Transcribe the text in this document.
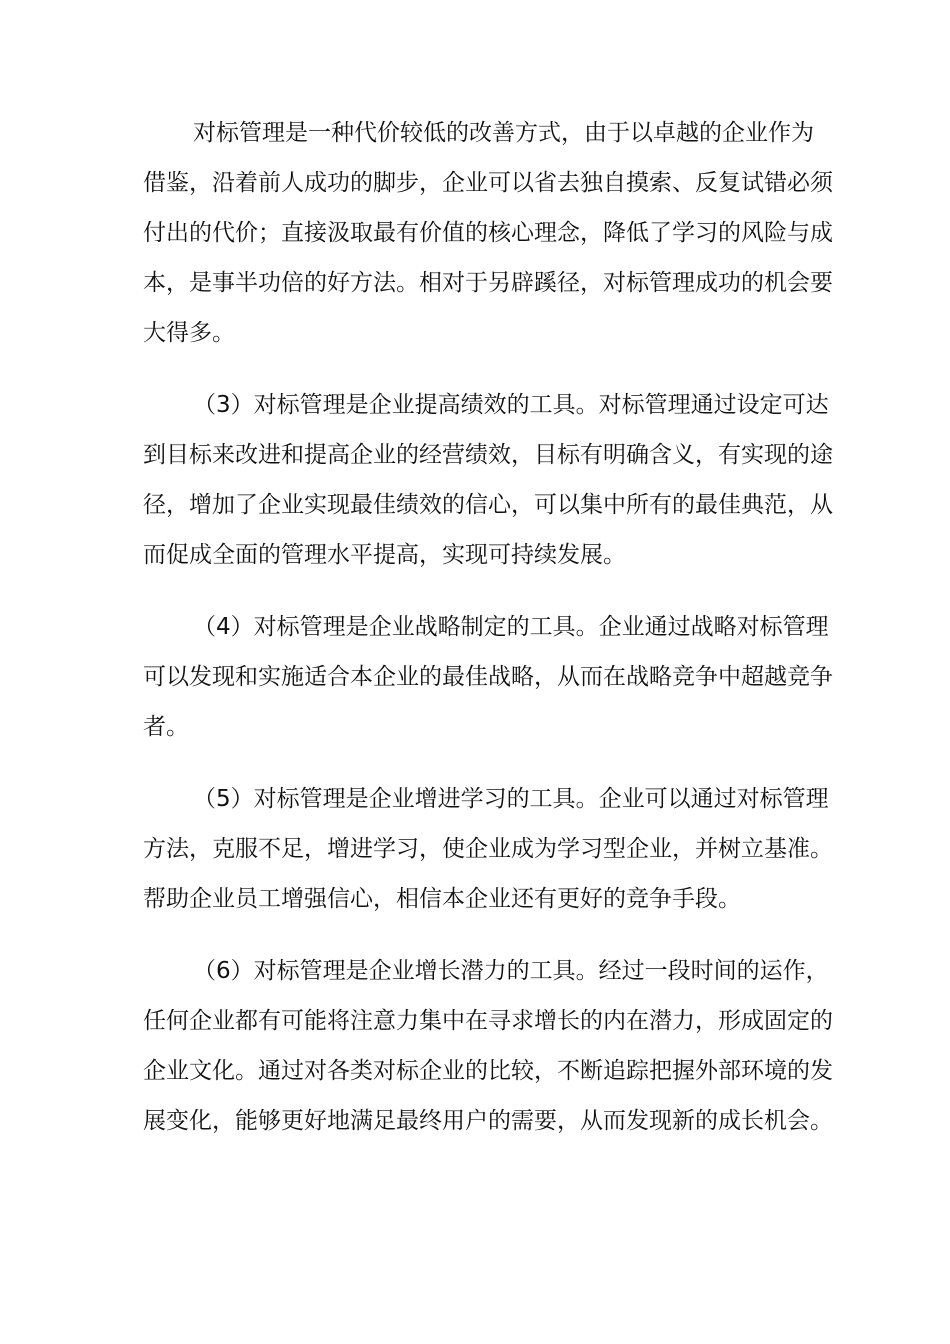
对标管理是一种代价较低的改善方式，由于以卓越的企业作为
借鉴，沿着前人成功的脚步，企业可以省去独自摸索、反复试错必须
付出的代价；直接汲取最有价值的核心理念，降低了学习的风险与成
本，是事半功倍的好方法。相对于另辟蹊径，对标管理成功的机会要
大得多。

（3）对标管理是企业提高绩效的工具。对标管理通过设定可达
到目标来改进和提高企业的经营绩效，目标有明确含义，有实现的途
径，增加了企业实现最佳绩效的信心，可以集中所有的最佳典范，从
而促成全面的管理水平提高，实现可持续发展。

（4）对标管理是企业战略制定的工具。企业通过战略对标管理
可以发现和实施适合本企业的最佳战略，从而在战略竞争中超越竞争
者。

（5）对标管理是企业增进学习的工具。企业可以通过对标管理
方法，克服不足，增进学习，使企业成为学习型企业，并树立基准。
帮助企业员工增强信心，相信本企业还有更好的竞争手段。

（6）对标管理是企业增长潜力的工具。经过一段时间的运作，
任何企业都有可能将注意力集中在寻求增长的内在潜力，形成固定的
企业文化。通过对各类对标企业的比较，不断追踪把握外部环境的发
展变化，能够更好地满足最终用户的需要，从而发现新的成长机会。
